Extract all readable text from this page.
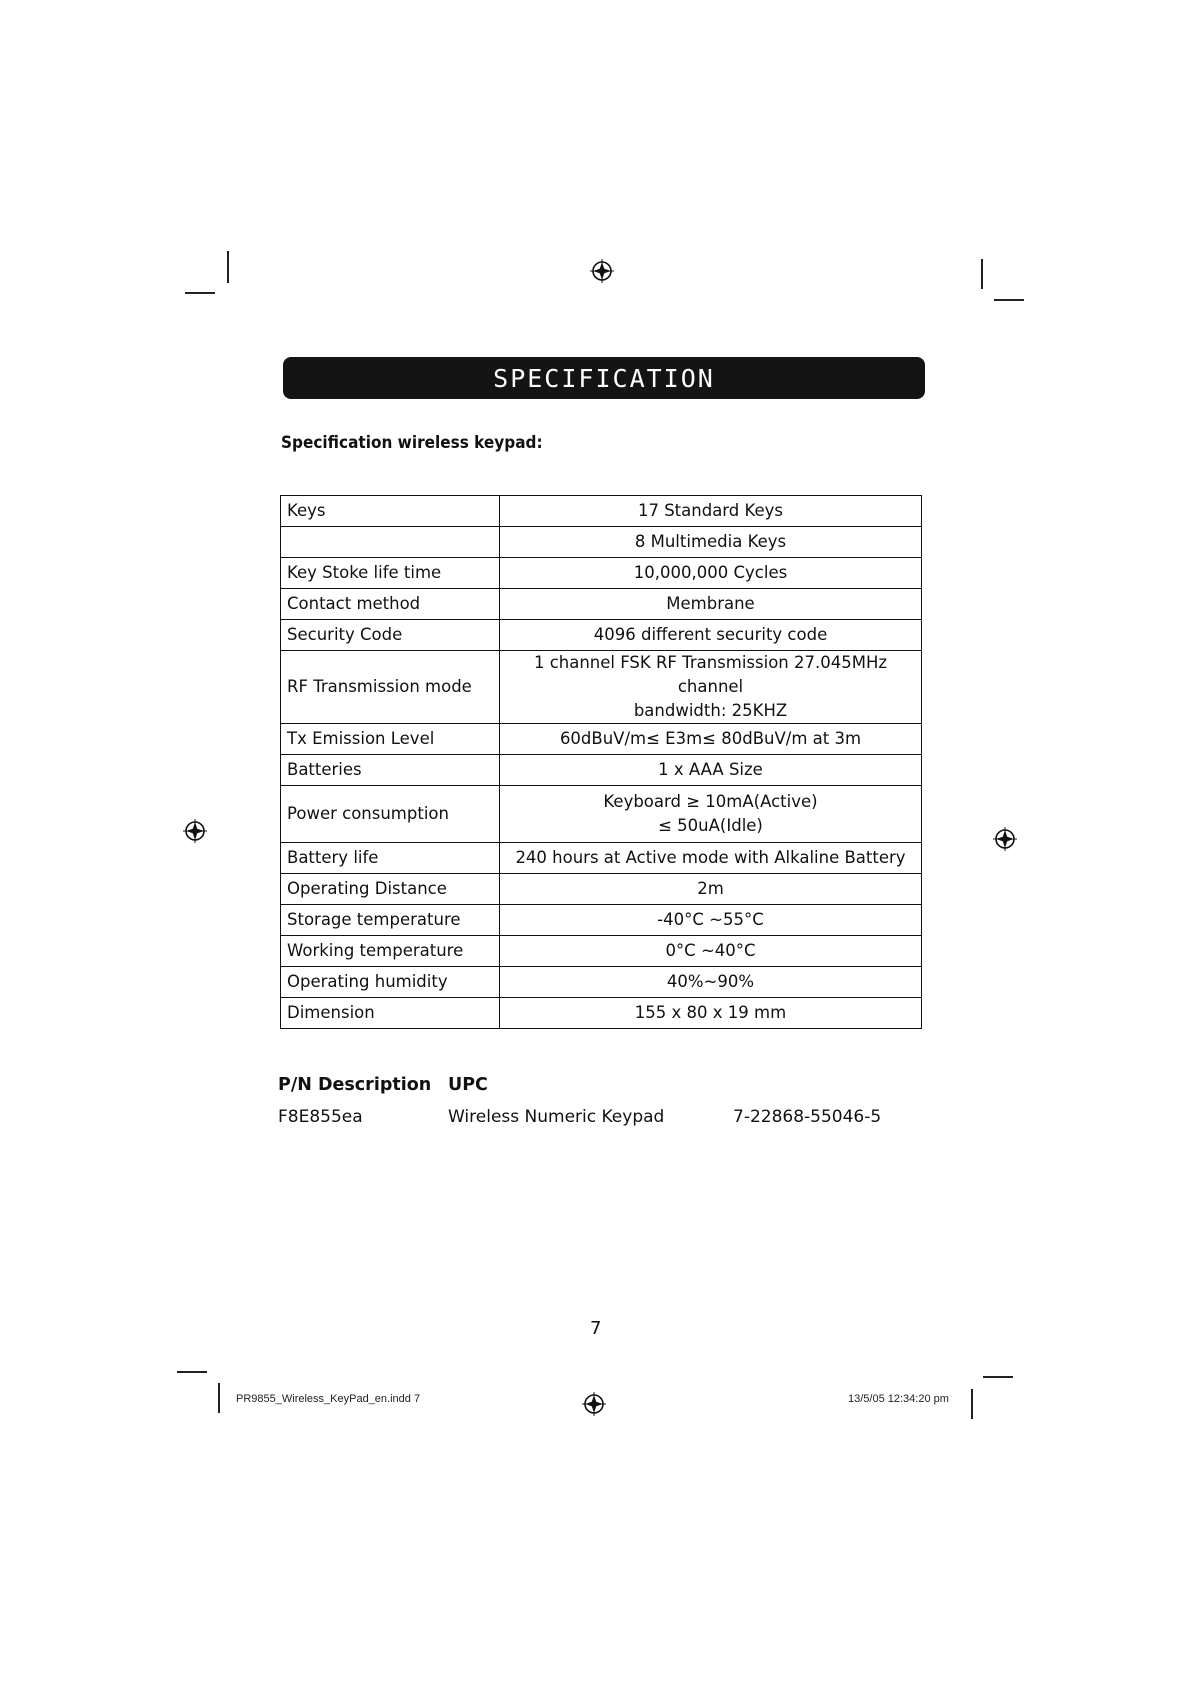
SPECIFICATION
Specification wireless keypad:
Keys	17 Standard Keys
	8 Multimedia Keys
Key Stoke life time	10,000,000 Cycles
Contact method	Membrane
Security Code	4096 different security code
RF Transmission mode	1 channel FSK RF Transmission 27.045MHz channel
bandwidth: 25KHZ

Tx Emission Level	60dBuV/m≤ E3m≤ 80dBuV/m at 3m
Batteries	1 x AAA Size
Power consumption	Keyboard ≥ 10mA(Active)
≤ 50uA(Idle)

Battery life	240 hours at Active mode with Alkaline Battery
Operating Distance	2m
Storage temperature	-40°C ~55°C
Working temperature	0°C ~40°C
Operating humidity	40%~90%
Dimension	155 x 80 x 19 mm
P/N Description UPC
F8E855ea	Wireless Numeric Keypad	7-22868-55046-5
7
PR9855_Wireless_KeyPad_en.indd 7	13/5/05 12:34:20 pm
